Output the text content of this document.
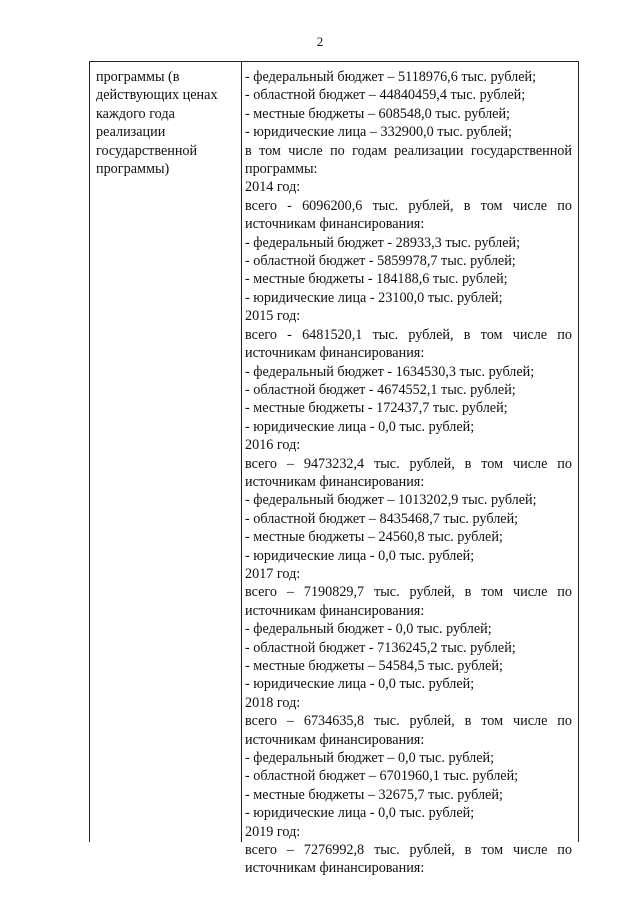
2
программы (в
действующих ценах
каждого года
реализации
государственной
программы)
- федеральный бюджет – 5118976,6 тыс. рублей;
- областной бюджет – 44840459,4 тыс. рублей;
- местные бюджеты – 608548,0 тыс. рублей;
- юридические лица – 332900,0 тыс. рублей;
в том числе по годам реализации государственной
программы:
2014 год:
всего - 6096200,6 тыс. рублей, в том числе по
источникам финансирования:
- федеральный бюджет - 28933,3 тыс. рублей;
- областной бюджет - 5859978,7 тыс. рублей;
- местные бюджеты - 184188,6 тыс. рублей;
- юридические лица - 23100,0 тыс. рублей;
2015 год:
всего - 6481520,1 тыс. рублей, в том числе по
источникам финансирования:
- федеральный бюджет - 1634530,3 тыс. рублей;
- областной бюджет - 4674552,1 тыс. рублей;
- местные бюджеты - 172437,7 тыс. рублей;
- юридические лица - 0,0 тыс. рублей;
2016 год:
всего – 9473232,4 тыс. рублей, в том числе по
источникам финансирования:
- федеральный бюджет – 1013202,9 тыс. рублей;
- областной бюджет – 8435468,7 тыс. рублей;
- местные бюджеты – 24560,8 тыс. рублей;
- юридические лица - 0,0 тыс. рублей;
2017 год:
всего – 7190829,7 тыс. рублей, в том числе по
источникам финансирования:
- федеральный бюджет - 0,0 тыс. рублей;
- областной бюджет - 7136245,2 тыс. рублей;
- местные бюджеты – 54584,5 тыс. рублей;
- юридические лица - 0,0 тыс. рублей;
2018 год:
всего – 6734635,8 тыс. рублей, в том числе по
источникам финансирования:
- федеральный бюджет – 0,0 тыс. рублей;
- областной бюджет – 6701960,1 тыс. рублей;
- местные бюджеты – 32675,7 тыс. рублей;
- юридические лица - 0,0 тыс. рублей;
2019 год:
всего – 7276992,8 тыс. рублей, в том числе по
источникам финансирования:
